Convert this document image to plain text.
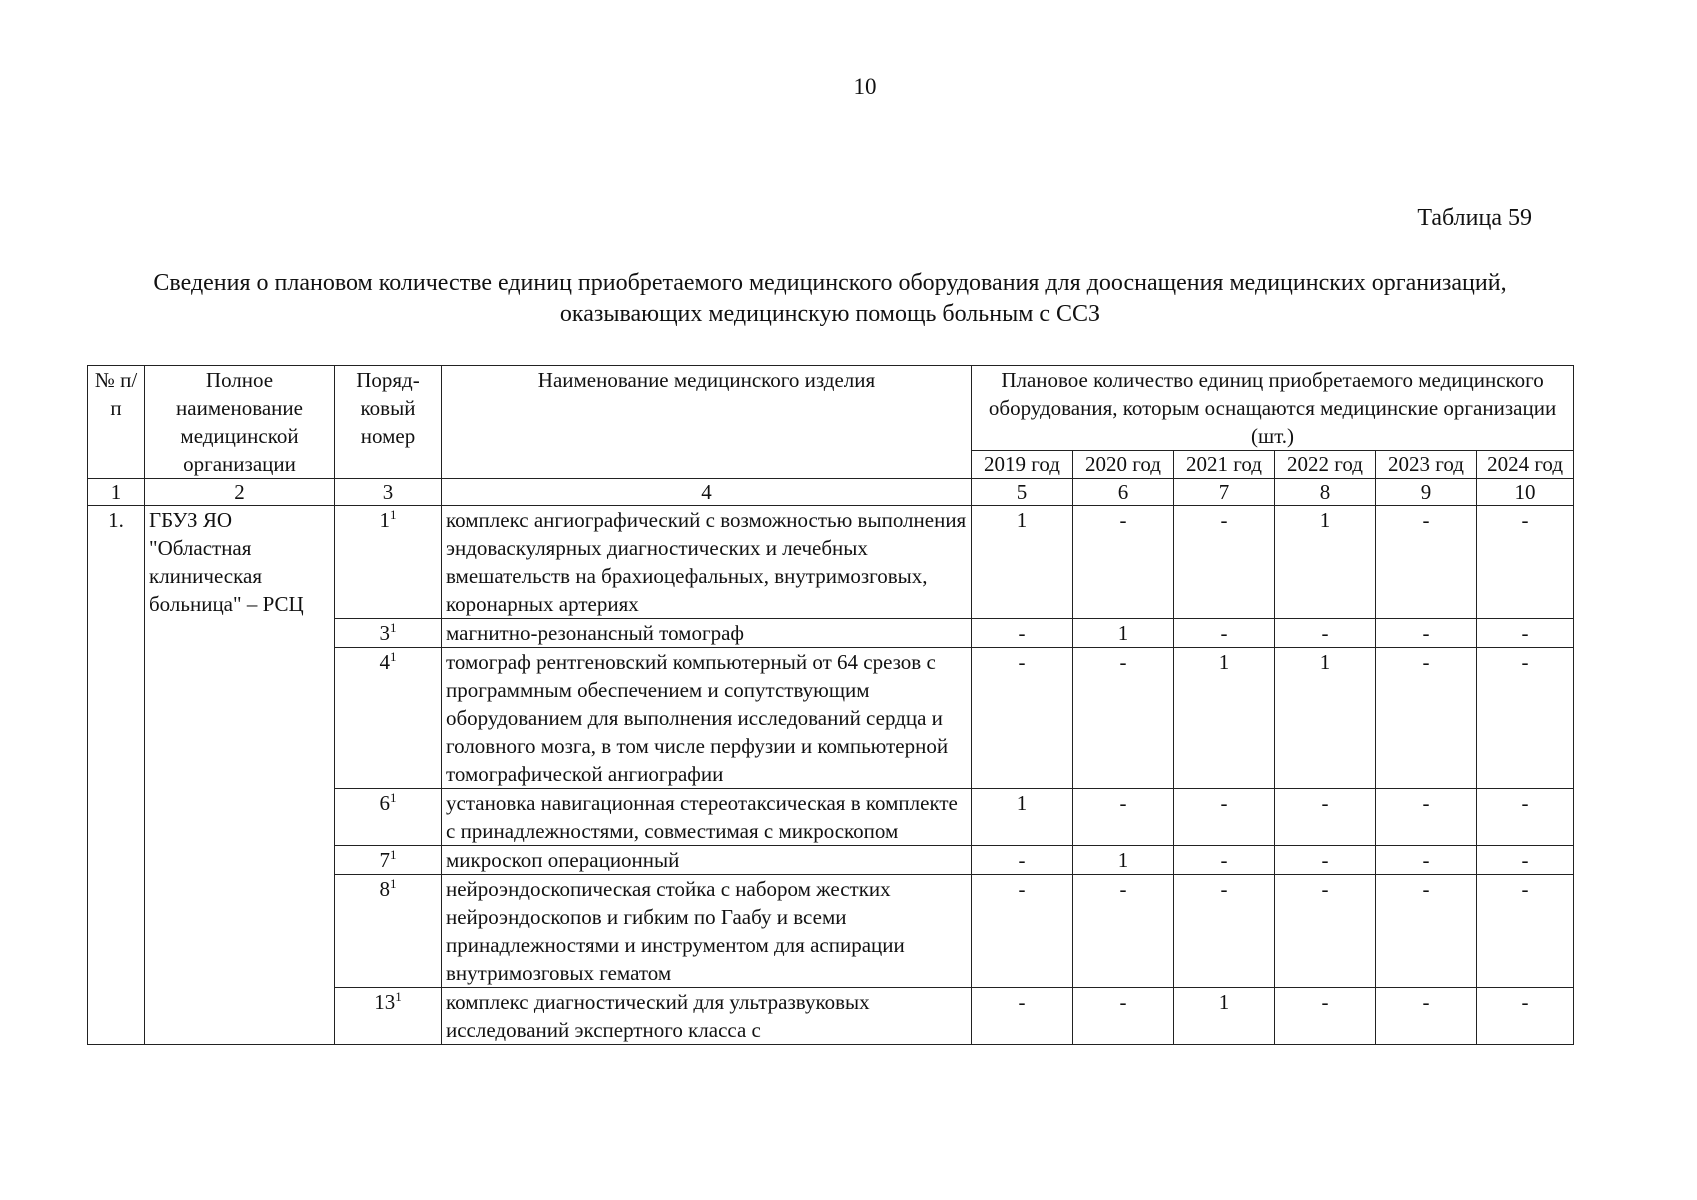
10
Таблица 59
Сведения о плановом количестве единиц приобретаемого медицинского оборудования для дооснащения медицинских организаций, оказывающих медицинскую помощь больным с ССЗ
№ п/п	Полное наименование медицинской организации	Поряд-ковый номер	Наименование медицинского изделия	Плановое количество единиц приобретаемого медицинского оборудования, которым оснащаются медицинские организации (шт.)					
				2019 год	2020 год	2021 год	2022 год	2023 год	2024 год
1	2	3	4	5	6	7	8	9	10
1.	ГБУЗ ЯО "Областная клиническая больница" – РСЦ	$1^1$	комплекс ангиографический с возможностью выполнения эндоваскулярных диагностических и лечебных вмешательств на брахиоцефальных, внутримозговых, коронарных артериях	1	-	-	1	-	-
		$3^1$	магнитно-резонансный томограф	-	1	-	-	-	-
		$4^1$	томограф рентгеновский компьютерный от 64 срезов с программным обеспечением и сопутствующим оборудованием для выполнения исследований сердца и головного мозга, в том числе перфузии и компьютерной томографической ангиографии	-	-	1	1	-	-
		$6^1$	установка навигационная стереотаксическая в комплекте с принадлежностями, совместимая с микроскопом	1	-	-	-	-	-
		$7^1$	микроскоп операционный	-	1	-	-	-	-
		$8^1$	нейроэндоскопическая стойка с набором жестких нейроэндоскопов и гибким по Гаабу и всеми принадлежностями и инструментом для аспирации внутримозговых гематом	-	-	-	-	-	-
		$13^1$	комплекс диагностический для ультразвуковых исследований экспертного класса с	-	-	1	-	-	-
